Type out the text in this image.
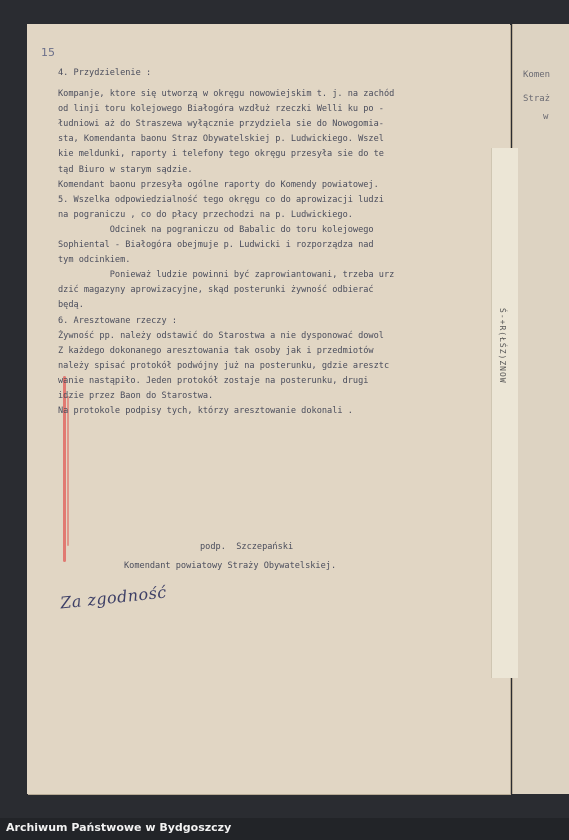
Komen
Straż
w
15
Ś-+R(ŁŚZ)ZNOW
4. Przydzielenie :
Kompanje, ktore się utworzą w okręgu nowowiejskim t. j. na zachód
od linji toru kolejowego Białogóra wzdłuż rzeczki Welli ku po -
łudniowi aż do Straszewa wyłącznie przydziela sie do Nowogomia-
sta, Komendanta baonu Straz Obywatelskiej p. Ludwickiego. Wszel
kie meldunki, raporty i telefony tego okręgu przesyła sie do te
tąd Biuro w starym sądzie.
Komendant baonu przesyła ogólne raporty do Komendy powiatowej.
5. Wszelka odpowiedzialność tego okręgu co do aprowizacji ludzi
na pograniczu , co do płacy przechodzi na p. Ludwickiego.
Odcinek na pograniczu od Babalic do toru kolejowego
Sophiental - Białogóra obejmuje p. Ludwicki i rozporządza nad
tym odcinkiem.
Ponieważ ludzie powinni być zaprowiantowani, trzeba urz
dzić magazyny aprowizacyjne, skąd posterunki żywność odbierać
będą.
6. Aresztowane rzeczy :
Żywność pp. należy odstawić do Starostwa a nie dysponować dowol
Z każdego dokonanego aresztowania tak osoby jak i przedmiotów
należy spisać protokół podwójny już na posterunku, gdzie aresztc
wanie nastąpiło. Jeden protokół zostaje na posterunku, drugi
idzie przez Baon do Starostwa.
Na protokole podpisy tych, którzy aresztowanie dokonali .
podp.  Szczepański
Komendant powiatowy Straży Obywatelskiej.
Za zgodność
Archiwum Państwowe w Bydgoszczy
